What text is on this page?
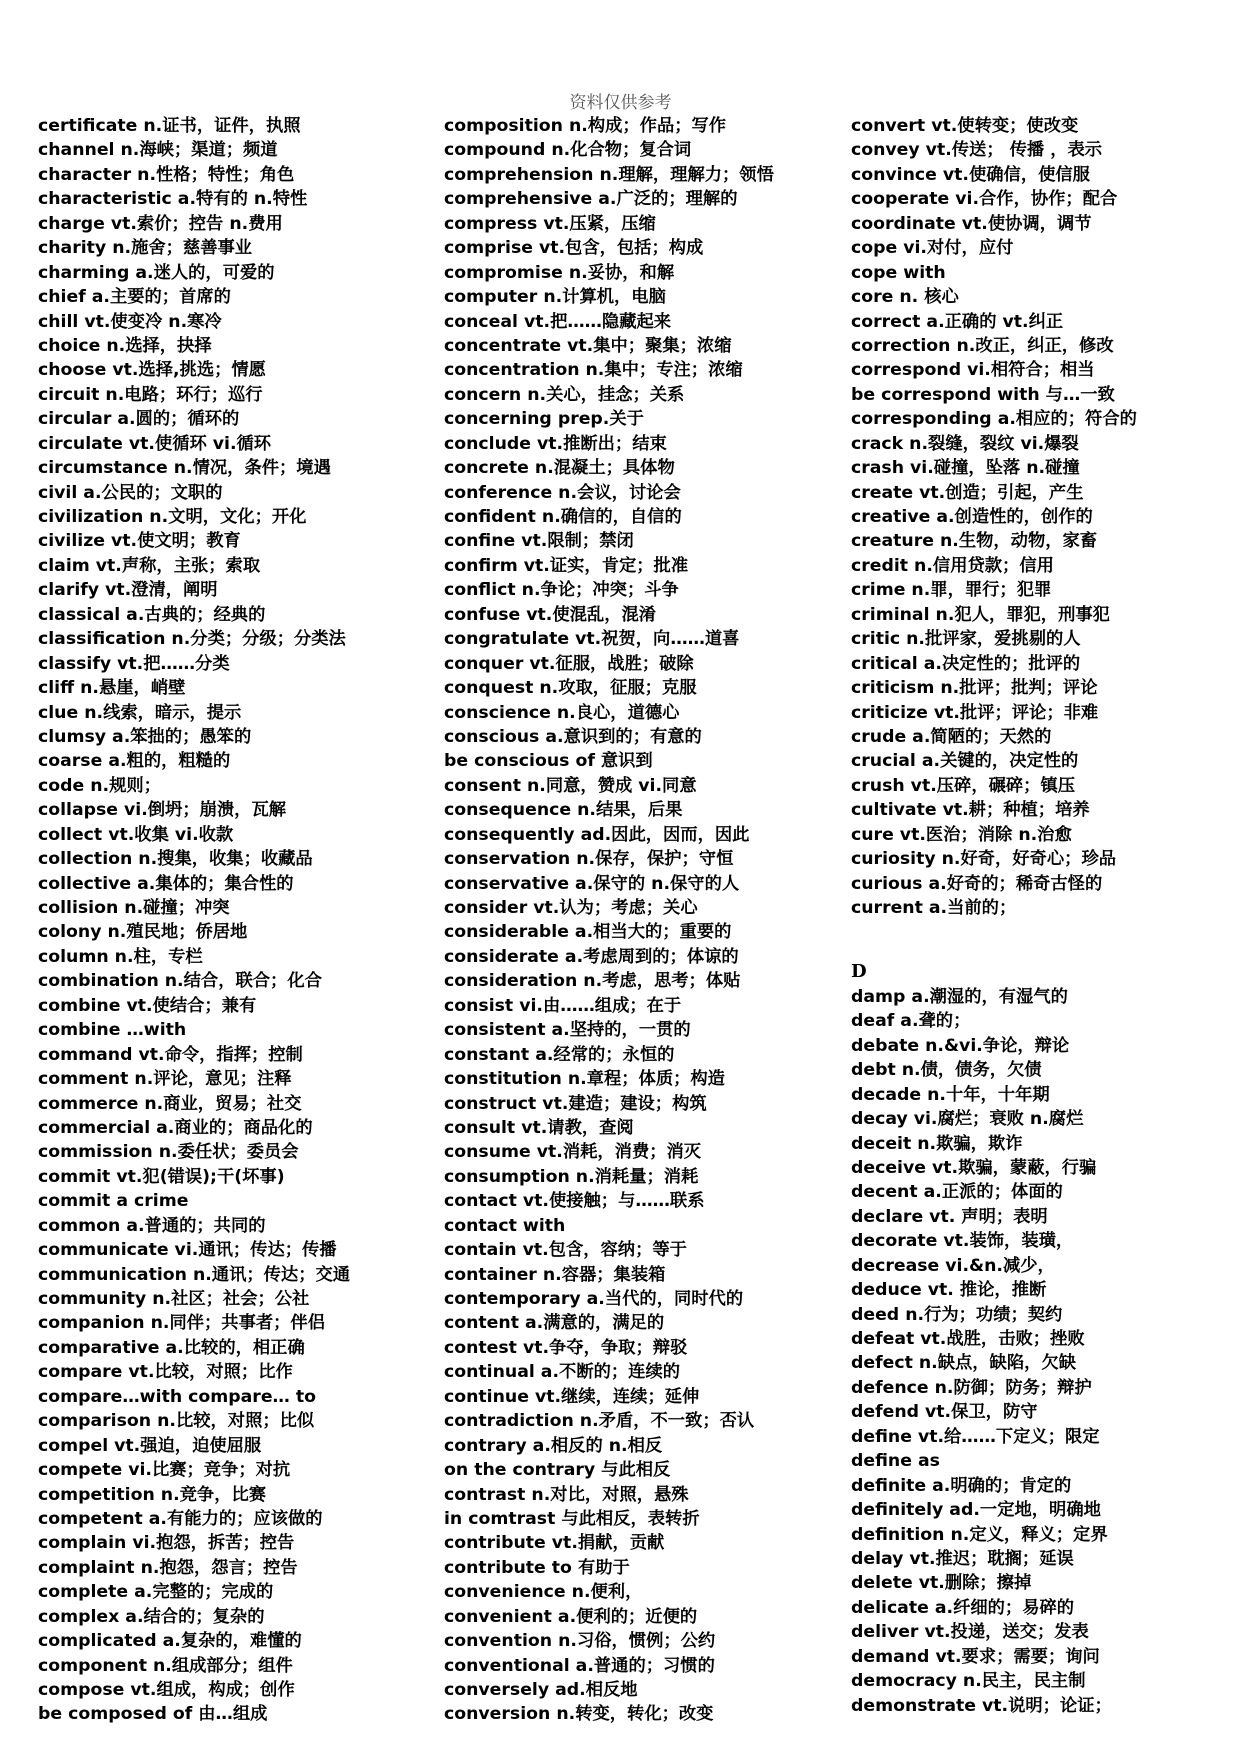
资料仅供参考
certificate n.证书，证件，执照
channel n.海峡；渠道；频道
character n.性格；特性；角色
characteristic a.特有的 n.特性
charge vt.索价；控告 n.费用
charity n.施舍；慈善事业
charming a.迷人的，可爱的
chief a.主要的；首席的
chill vt.使变冷 n.寒冷
choice n.选择，抉择
choose vt.选择,挑选；情愿
circuit n.电路；环行；巡行
circular a.圆的；循环的
circulate vt.使循环 vi.循环
circumstance n.情况，条件；境遇
civil a.公民的；文职的
civilization n.文明，文化；开化
civilize vt.使文明；教育
claim vt.声称，主张；索取
clarify vt.澄清，阐明
classical a.古典的；经典的
classification n.分类；分级；分类法
classify vt.把……分类
cliff n.悬崖，峭壁
clue n.线索，暗示，提示
clumsy a.笨拙的；愚笨的
coarse a.粗的，粗糙的
code n.规则；
collapse vi.倒坍；崩溃，瓦解
collect vt.收集 vi.收款
collection n.搜集，收集；收藏品
collective a.集体的；集合性的
collision n.碰撞；冲突
colony n.殖民地；侨居地
column n.柱，专栏
combination n.结合，联合；化合
combine vt.使结合；兼有
combine …with
command vt.命令，指挥；控制
comment n.评论，意见；注释
commerce n.商业，贸易；社交
commercial a.商业的；商品化的
commission n.委任状；委员会
commit vt.犯(错误);干(坏事)
commit a crime
common a.普通的；共同的
communicate vi.通讯；传达；传播
communication n.通讯；传达；交通
community n.社区；社会；公社
companion n.同伴；共事者；伴侣
comparative a.比较的，相正确
compare vt.比较，对照；比作
compare…with compare… to
comparison n.比较，对照；比似
compel vt.强迫，迫使屈服
compete vi.比赛；竞争；对抗
competition n.竞争，比赛
competent a.有能力的；应该做的
complain vi.抱怨，拆苦；控告
complaint n.抱怨，怨言；控告
complete a.完整的；完成的
complex a.结合的；复杂的
complicated a.复杂的，难懂的
component n.组成部分；组件
compose vt.组成，构成；创作
be composed of 由…组成
composition n.构成；作品；写作
compound n.化合物；复合词
comprehension n.理解，理解力；领悟
comprehensive a.广泛的；理解的
compress vt.压紧，压缩
comprise vt.包含，包括；构成
compromise n.妥协，和解
computer n.计算机，电脑
conceal vt.把……隐藏起来
concentrate vt.集中；聚集；浓缩
concentration n.集中；专注；浓缩
concern n.关心，挂念；关系
concerning prep.关于
conclude vt.推断出；结束
concrete n.混凝土；具体物
conference n.会议，讨论会
confident n.确信的，自信的
confine vt.限制；禁闭
confirm vt.证实，肯定；批准
conflict n.争论；冲突；斗争
confuse vt.使混乱，混淆
congratulate vt.祝贺，向……道喜
conquer vt.征服，战胜；破除
conquest n.攻取，征服；克服
conscience n.良心，道德心
conscious a.意识到的；有意的
be conscious of 意识到
consent n.同意，赞成 vi.同意
consequence n.结果，后果
consequently ad.因此，因而，因此
conservation n.保存，保护；守恒
conservative a.保守的 n.保守的人
consider vt.认为；考虑；关心
considerable a.相当大的；重要的
considerate a.考虑周到的；体谅的
consideration n.考虑，思考；体贴
consist vi.由……组成；在于
consistent a.坚持的，一贯的
constant a.经常的；永恒的
constitution n.章程；体质；构造
construct vt.建造；建设；构筑
consult vt.请教，查阅
consume vt.消耗，消费；消灭
consumption n.消耗量；消耗
contact vt.使接触；与……联系
contact with
contain vt.包含，容纳；等于
container n.容器；集装箱
contemporary a.当代的，同时代的
content a.满意的，满足的
contest vt.争夺，争取；辩驳
continual a.不断的；连续的
continue vt.继续，连续；延伸
contradiction n.矛盾，不一致；否认
contrary a.相反的 n.相反
on the contrary 与此相反
contrast n.对比，对照，悬殊
in comtrast 与此相反，表转折
contribute vt.捐献，贡献
contribute to 有助于
convenience n.便利，
convenient a.便利的；近便的
convention n.习俗，惯例；公约
conventional a.普通的；习惯的
conversely ad.相反地
conversion n.转变，转化；改变
convert vt.使转变；使改变
convey vt.传送； 传播 ，表示
convince vt.使确信，使信服
cooperate vi.合作，协作；配合
coordinate vt.使协调，调节
cope vi.对付，应付
cope with
core n. 核心
correct a.正确的 vt.纠正
correction n.改正，纠正，修改
correspond vi.相符合；相当
be correspond with 与…一致
corresponding a.相应的；符合的
crack n.裂缝，裂纹 vi.爆裂
crash vi.碰撞，坠落 n.碰撞
create vt.创造；引起，产生
creative a.创造性的，创作的
creature n.生物，动物，家畜
credit n.信用贷款；信用
crime n.罪，罪行；犯罪
criminal n.犯人，罪犯，刑事犯
critic n.批评家，爱挑剔的人
critical a.决定性的；批评的
criticism n.批评；批判；评论
criticize vt.批评；评论；非难
crude a.简陋的；天然的
crucial a.关键的，决定性的
crush vt.压碎，碾碎；镇压
cultivate vt.耕；种植；培养
cure vt.医治；消除 n.治愈
curiosity n.好奇，好奇心；珍品
curious a.好奇的；稀奇古怪的
current a.当前的；
D
damp a.潮湿的，有湿气的
deaf a.聋的；
debate n.&vi.争论，辩论
debt n.债，债务，欠债
decade n.十年，十年期
decay vi.腐烂；衰败 n.腐烂
deceit n.欺骗，欺诈
deceive vt.欺骗，蒙蔽，行骗
decent a.正派的；体面的
declare vt. 声明；表明
decorate vt.装饰，装璜，
decrease vi.&n.减少，
deduce vt. 推论，推断
deed n.行为；功绩；契约
defeat vt.战胜，击败；挫败
defect n.缺点，缺陷，欠缺
defence n.防御；防务；辩护
defend vt.保卫，防守
define vt.给……下定义；限定
define as
definite a.明确的；肯定的
definitely ad.一定地，明确地
definition n.定义，释义；定界
delay vt.推迟；耽搁；延误
delete vt.删除；擦掉
delicate a.纤细的；易碎的
deliver vt.投递，送交；发表
demand vt.要求；需要；询问
democracy n.民主，民主制
demonstrate vt.说明；论证；
